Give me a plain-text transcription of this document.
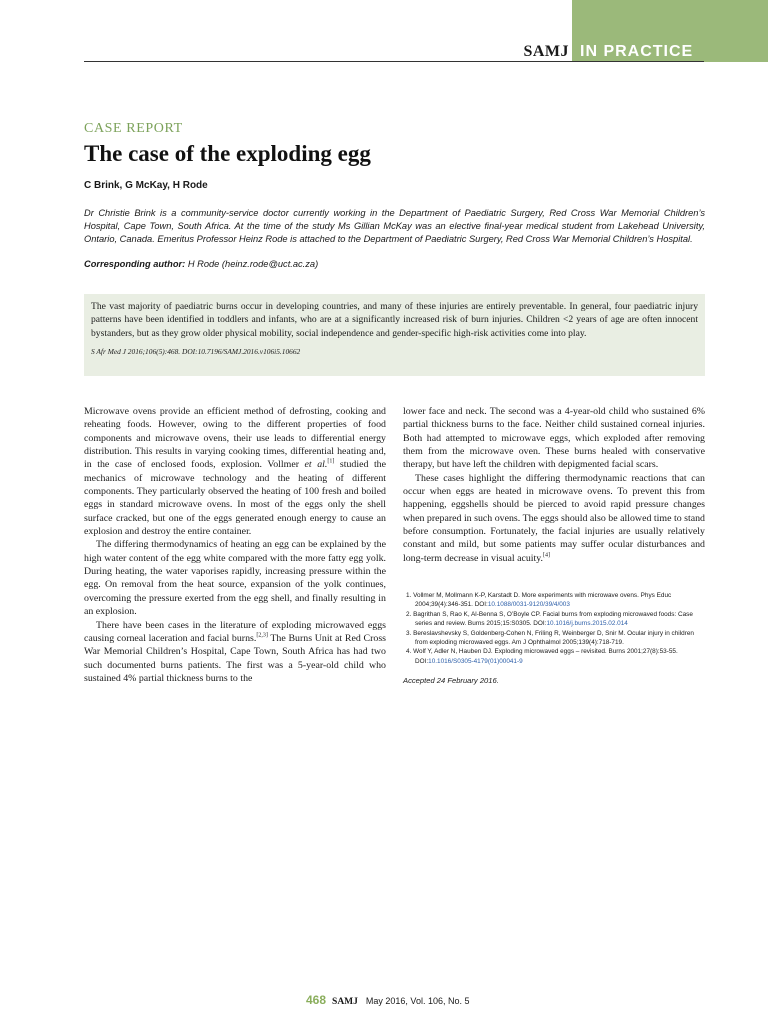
IN PRACTICE
SAMJ
CASE REPORT
The case of the exploding egg
C Brink, G McKay, H Rode
Dr Christie Brink is a community-service doctor currently working in the Department of Paediatric Surgery, Red Cross War Memorial Children’s Hospital, Cape Town, South Africa. At the time of the study Ms Gillian McKay was an elective final-year medical student from Lakehead University, Ontario, Canada. Emeritus Professor Heinz Rode is attached to the Department of Paediatric Surgery, Red Cross War Memorial Children’s Hospital.
Corresponding author: H Rode (heinz.rode@uct.ac.za)

The vast majority of paediatric burns occur in developing countries, and many of these injuries are entirely preventable. In general, four paediatric injury patterns have been identified in toddlers and infants, who are at a significantly increased risk of burn injuries. Children <2 years of age are often innocent bystanders, but as they grow older physical mobility, social independence and gender-specific high-risk activities come into play.

S Afr Med J 2016;106(5):468. DOI:10.7196/SAMJ.2016.v106i5.10662

Microwave ovens provide an efficient method of defrosting, cooking and reheating foods. However, owing to the different properties of food components and microwave ovens, their use leads to differential energy distribution. This results in varying cooking times, differential heating and, in the case of enclosed foods, explosion. Vollmer et al.[1] studied the mechanics of microwave technology and the heating of different components. They particularly observed the heating of 100 fresh and boiled eggs in standard microwave ovens. In most of the eggs only the shell surface cracked, but one of the eggs generated enough energy to cause an explosion and destroy the entire container.

The differing thermodynamics of heating an egg can be explained by the high water content of the egg white compared with the more fatty egg yolk. During heating, the water vaporises rapidly, increasing pressure within the egg. On removal from the heat source, expansion of the yolk continues, overcoming the pressure exerted from the egg shell, and finally resulting in an explosion.

There have been cases in the literature of exploding microwaved eggs causing corneal laceration and facial burns.[2,3] The Burns Unit at Red Cross War Memorial Children’s Hospital, Cape Town, South Africa has had two such documented burns patients. The first was a 5-year-old child who sustained 4% partial thickness burns to the

lower face and neck. The second was a 4-year-old child who sustained 6% partial thickness burns to the face. Neither child sustained corneal injuries. Both had attempted to microwave eggs, which exploded after removing them from the microwave oven. These burns healed with conservative therapy, but have left the children with depigmented facial scars.

These cases highlight the differing thermodynamic reactions that can occur when eggs are heated in microwave ovens. To prevent this from happening, eggshells should be pierced to avoid rapid pressure changes when prepared in such ovens. The eggs should also be allowed time to stand before consumption. Fortunately, the facial injuries are usually relatively constant and mild, but some patients may suffer ocular disturbances and long-term decrease in visual acuity.[4]

1. Vollmer M, Mollmann K-P, Karstadt D. More experiments with microwave ovens. Phys Educ 2004;39(4):346-351. DOI:10.1088/0031-9120/39/4/003
2. Bagrithan S, Rao K, Al-Benna S, O’Boyle CP. Facial burns from exploding microwaved foods: Case series and review. Burns 2015;15:S0305. DOI:10.1016/j.burns.2015.02.014
3. Bereslavshevsky S, Goldenberg-Cohen N, Friling R, Weinberger D, Snir M. Ocular injury in children from exploding microwaved eggs. Am J Ophthalmol 2005;139(4):718-719.
4. Wolf Y, Adler N, Hauben DJ. Exploding microwaved eggs – revisited. Burns 2001;27(8):53-55. DOI:10.1016/S0305-4179(01)00041-9
Accepted 24 February 2016.
468 SAMJ May 2016, Vol. 106, No. 5
